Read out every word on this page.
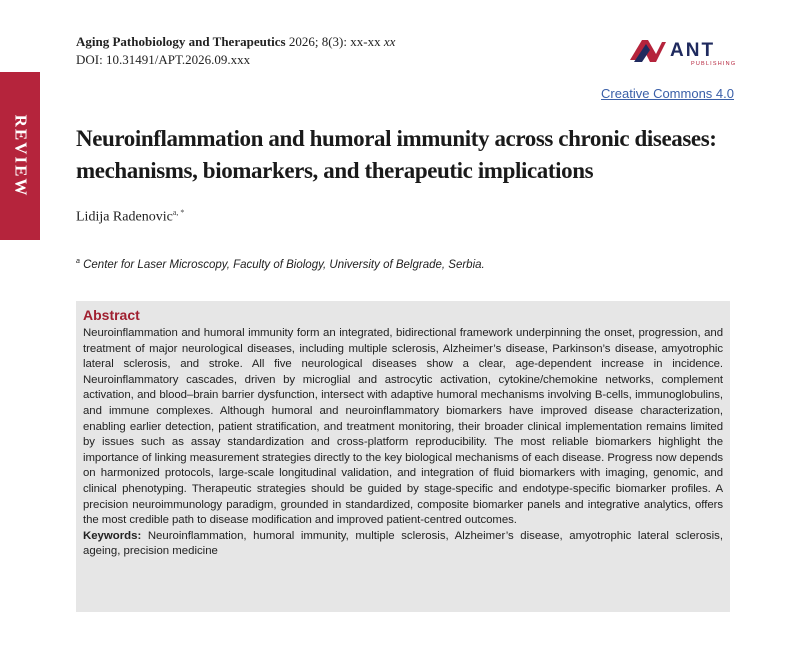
REVIEW
Aging Pathobiology and Therapeutics 2026; 8(3): xx-xx xx
DOI: 10.31491/APT.2026.09.xxx	ANT
PUBLISHING
Creative Commons 4.0
Neuroinflammation and humoral immunity across chronic diseases: mechanisms, biomarkers, and therapeutic implications
Lidija Radenovic$^{a, *}$
$^a$ Center for Laser Microscopy, Faculty of Biology, University of Belgrade, Serbia.
Abstract

Neuroinflammation and humoral immunity form an integrated, bidirectional framework underpinning the onset, progression, and treatment of major neurological diseases, including multiple sclerosis, Alzheimer’s disease, Parkinson’s disease, amyotrophic lateral sclerosis, and stroke. All five neurological diseases show a clear, age-dependent increase in incidence. Neuroinflammatory cascades, driven by microglial and astrocytic activation, cytokine/chemokine networks, complement activation, and blood–brain barrier dysfunction, intersect with adaptive humoral mechanisms involving B-cells, immunoglobulins, and immune complexes. Although humoral and neuroinflammatory biomarkers have improved disease characterization, enabling earlier detection, patient stratification, and treatment monitoring, their broader clinical implementation remains limited by issues such as assay standardization and cross-platform reproducibility. The most reliable biomarkers highlight the importance of linking measurement strategies directly to the key biological mechanisms of each disease. Progress now depends on harmonized protocols, large-scale longitudinal validation, and integration of fluid biomarkers with imaging, genomic, and clinical phenotyping. Therapeutic strategies should be guided by stage-specific and endotype-specific biomarker profiles. A precision neuroimmunology paradigm, grounded in standardized, composite biomarker panels and integrative analytics, offers the most credible path to disease modification and improved patient-centred outcomes.

Keywords: Neuroinflammation, humoral immunity, multiple sclerosis, Alzheimer’s disease, amyotrophic lateral sclerosis, ageing, precision medicine
